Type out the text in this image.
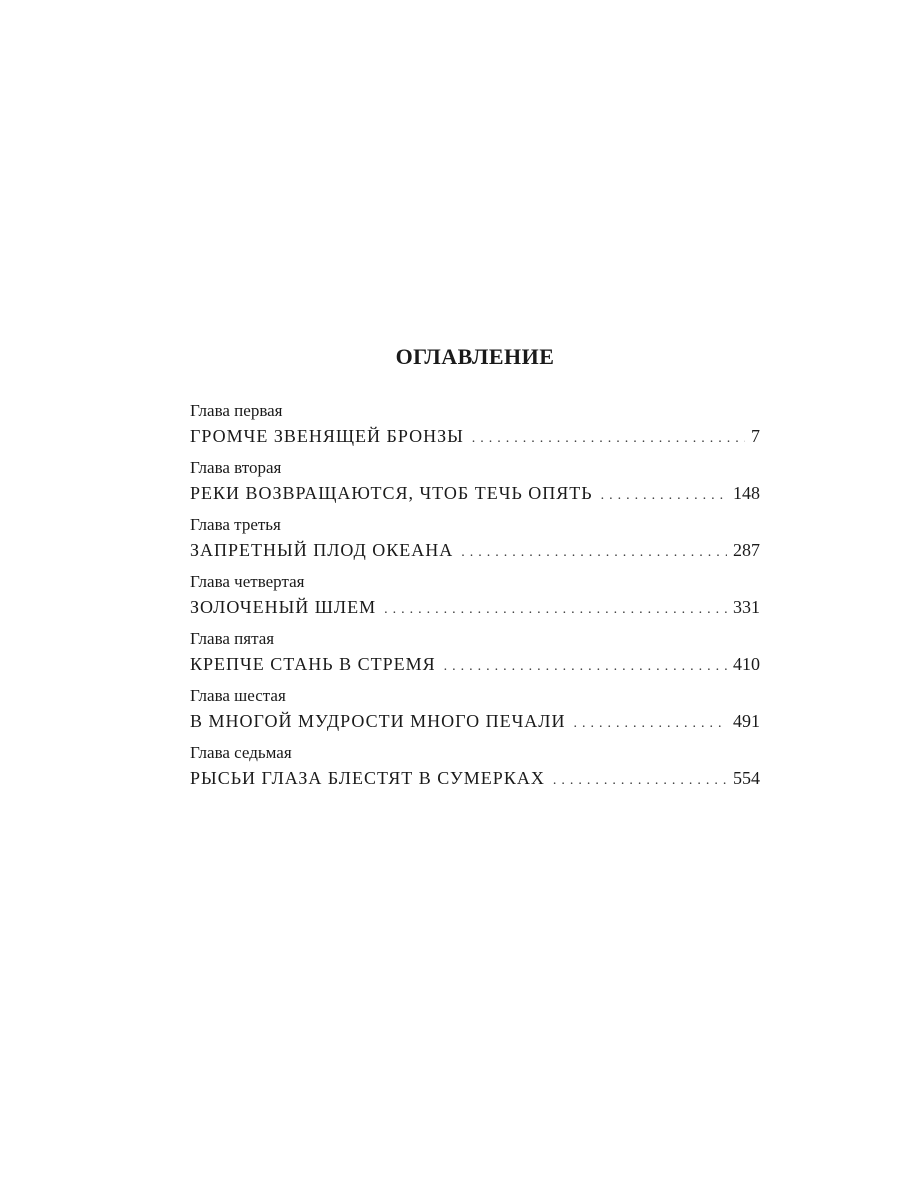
ОГЛАВЛЕНИЕ
Глава первая
ГРОМЧЕ ЗВЕНЯЩЕЙ БРОНЗЫ .....	7
Глава вторая
РЕКИ ВОЗВРАЩАЮТСЯ, ЧТОБ ТЕЧЬ ОПЯТЬ .....	148
Глава третья
ЗАПРЕТНЫЙ ПЛОД ОКЕАНА .....	287
Глава четвертая
ЗОЛОЧЕНЫЙ ШЛЕМ .....	331
Глава пятая
КРЕПЧЕ СТАНЬ В СТРЕМЯ .....	410
Глава шестая
В МНОГОЙ МУДРОСТИ МНОГО ПЕЧАЛИ .....	491
Глава седьмая
РЫСЬИ ГЛАЗА БЛЕСТЯТ В СУМЕРКАХ .....	554
